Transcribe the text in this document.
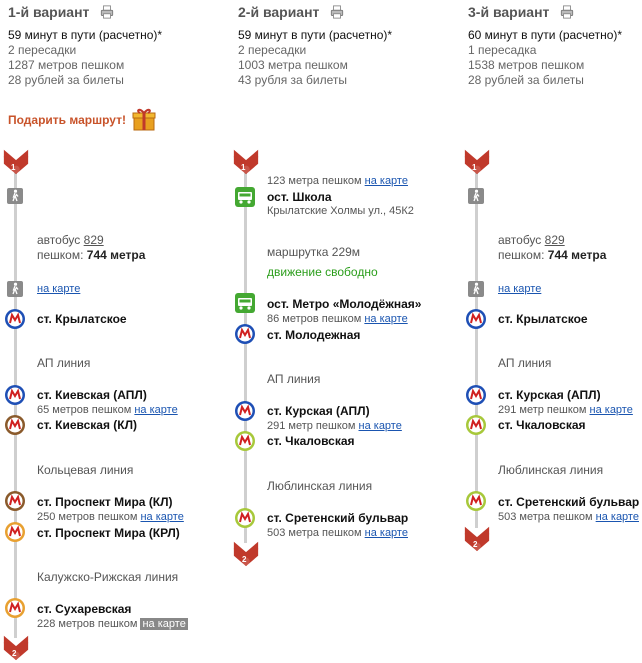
1-й вариант
59 минут в пути (расчетно)*
2 пересадки
1287 метров пешком
28 рублей за билеты
Подарить маршрут!
1
автобус 829
пешком: 744 метра
на карте
ст. Крылатское
АП линия
ст. Киевская (АПЛ)
65 метров пешком на карте
ст. Киевская (КЛ)
Кольцевая линия
ст. Проспект Мира (КЛ)
250 метров пешком на карте
ст. Проспект Мира (КРЛ)
Калужско-Рижская линия
ст. Сухаревская
228 метров пешком на карте
2
2-й вариант
59 минут в пути (расчетно)*
2 пересадки
1003 метра пешком
43 рубля за билеты
1
123 метра пешком на карте
ост. Школа
Крылатские Холмы ул., 45К2
маршрутка 229м
движение свободно
ост. Метро «Молодёжная»
86 метров пешком на карте
ст. Молодежная
АП линия
ст. Курская (АПЛ)
291 метр пешком на карте
ст. Чкаловская
Люблинская линия
ст. Сретенский бульвар
503 метра пешком на карте
2
3-й вариант
60 минут в пути (расчетно)*
1 пересадка
1538 метров пешком
28 рублей за билеты
1
автобус 829
пешком: 744 метра
на карте
ст. Крылатское
АП линия
ст. Курская (АПЛ)
291 метр пешком на карте
ст. Чкаловская
Люблинская линия
ст. Сретенский бульвар
503 метра пешком на карте
2
